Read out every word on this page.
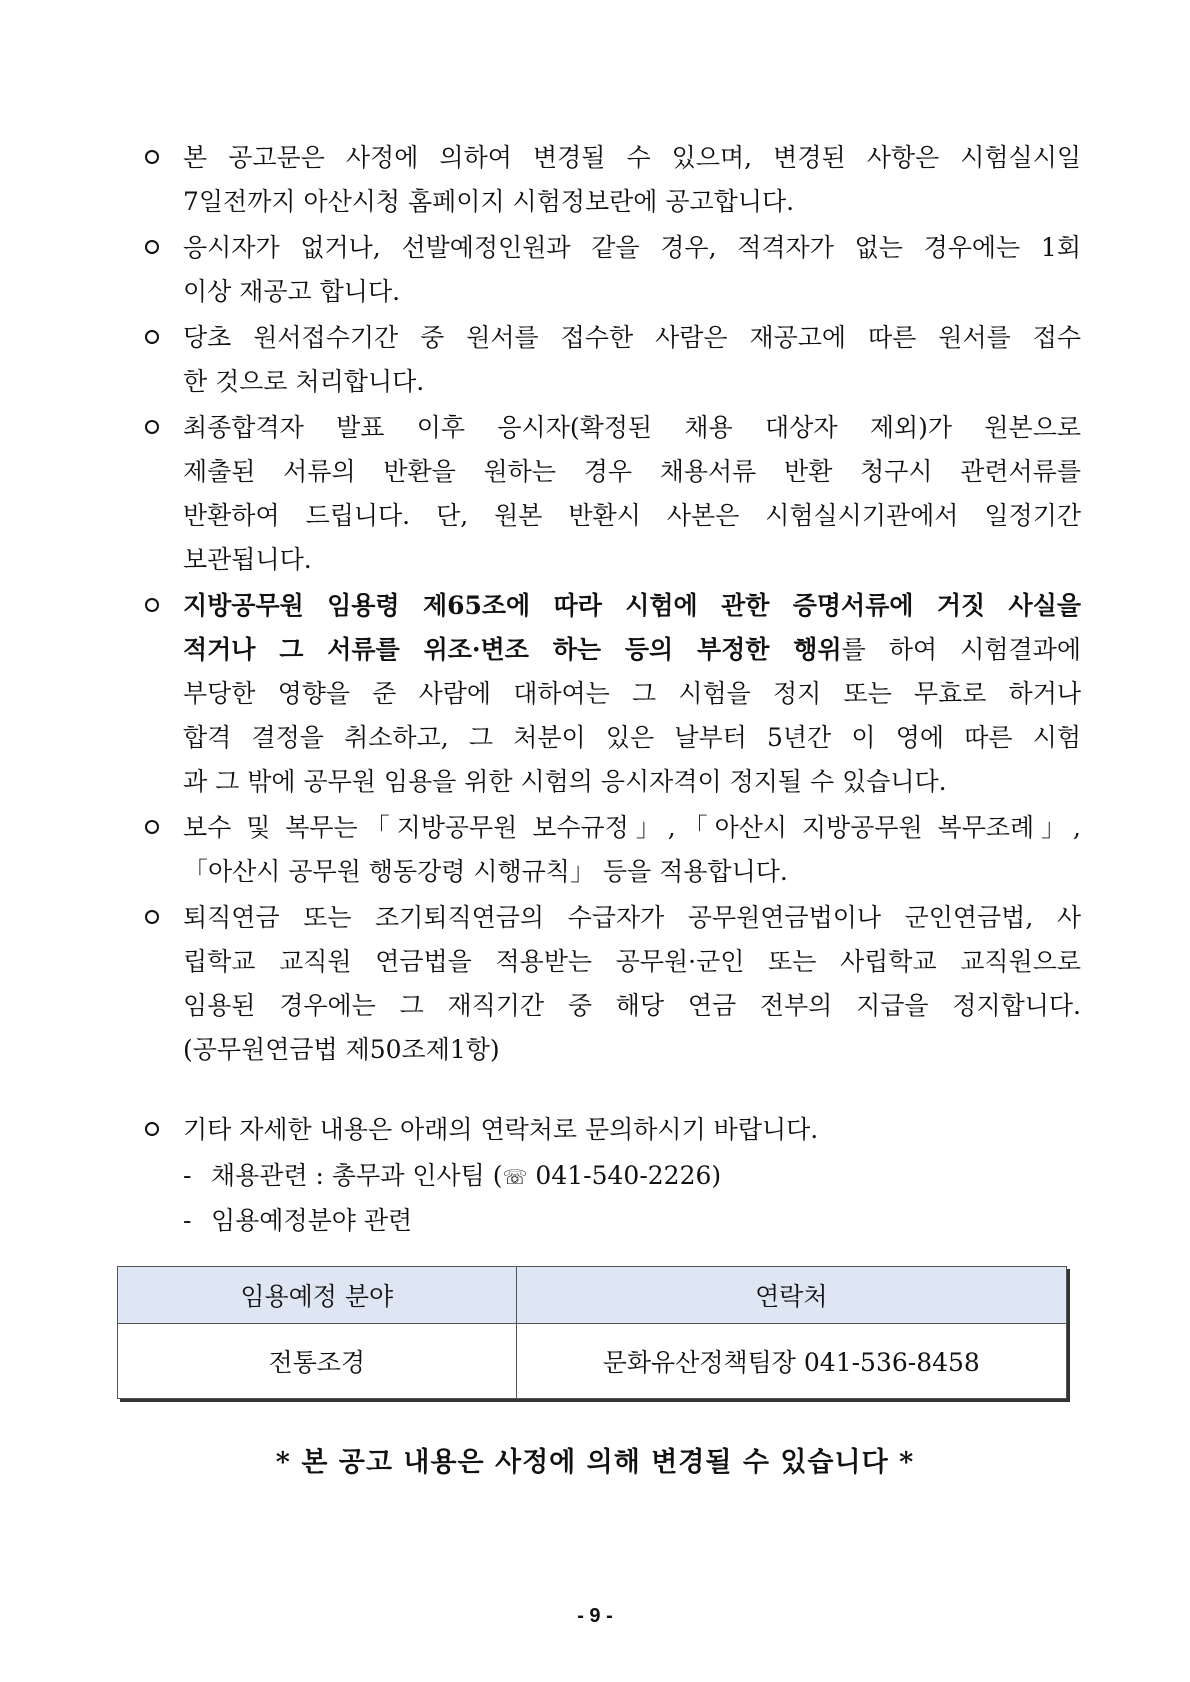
본 공고문은 사정에 의하여 변경될 수 있으며, 변경된 사항은 시험실시일
7일전까지 아산시청 홈페이지 시험정보란에 공고합니다.
응시자가 없거나, 선발예정인원과 같을 경우, 적격자가 없는 경우에는 1회
이상 재공고 합니다.
당초 원서접수기간 중 원서를 접수한 사람은 재공고에 따른 원서를 접수
한 것으로 처리합니다.
최종합격자 발표 이후 응시자(확정된 채용 대상자 제외)가 원본으로
제출된 서류의 반환을 원하는 경우 채용서류 반환 청구시 관련서류를
반환하여 드립니다. 단, 원본 반환시 사본은 시험실시기관에서 일정기간
보관됩니다.
지방공무원 임용령 제65조에 따라 시험에 관한 증명서류에 거짓 사실을
적거나 그 서류를 위조·변조 하는 등의 부정한 행위를 하여 시험결과에
부당한 영향을 준 사람에 대하여는 그 시험을 정지 또는 무효로 하거나
합격 결정을 취소하고, 그 처분이 있은 날부터 5년간 이 영에 따른 시험
과 그 밖에 공무원 임용을 위한 시험의 응시자격이 정지될 수 있습니다.
보수 및 복무는「지방공무원 보수규정」,「아산시 지방공무원 복무조례」,
「아산시 공무원 행동강령 시행규칙」 등을 적용합니다.
퇴직연금 또는 조기퇴직연금의 수급자가 공무원연금법이나 군인연금법, 사
립학교 교직원 연금법을 적용받는 공무원·군인 또는 사립학교 교직원으로
임용된 경우에는 그 재직기간 중 해당 연금 전부의 지급을 정지합니다.
(공무원연금법 제50조제1항)
기타 자세한 내용은 아래의 연락처로 문의하시기 바랍니다.
- 채용관련 : 총무과 인사팀 (☏ 041-540-2226)
- 임용예정분야 관련
임용예정 분야	연락처
전통조경	문화유산정책팀장 041-536-8458
* 본 공고 내용은 사정에 의해 변경될 수 있습니다 *
- 9 -
